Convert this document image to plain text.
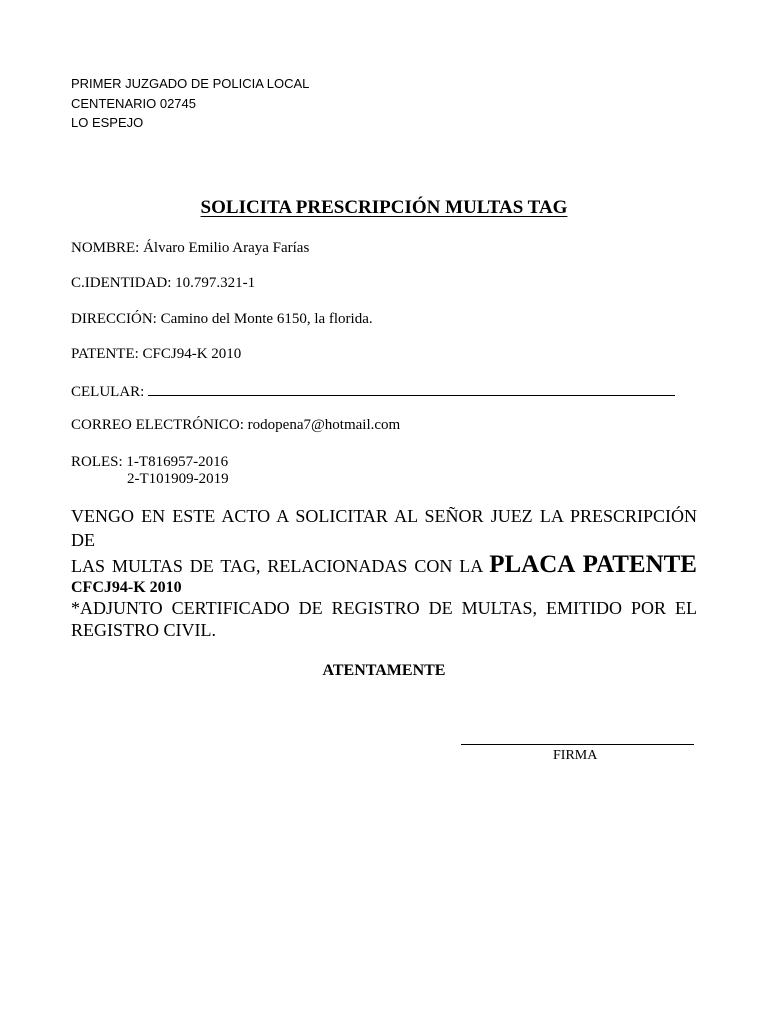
PRIMER JUZGADO DE POLICIA LOCAL
CENTENARIO 02745
LO ESPEJO
SOLICITA PRESCRIPCIÓN MULTAS TAG
NOMBRE: Álvaro Emilio Araya Farías
C.IDENTIDAD: 10.797.321-1
DIRECCIÓN: Camino del Monte 6150, la florida.
PATENTE: CFCJ94-K 2010
CELULAR:
CORREO ELECTRÓNICO: rodopena7@hotmail.com
ROLES: 1-T816957-2016
2-T101909-2019
VENGO EN ESTE ACTO A SOLICITAR AL SEÑOR JUEZ LA PRESCRIPCIÓN DE
LAS MULTAS DE TAG, RELACIONADAS CON LA PLACA PATENTE
CFCJ94-K 2010
*ADJUNTO CERTIFICADO DE REGISTRO DE MULTAS, EMITIDO POR EL
REGISTRO CIVIL.
ATENTAMENTE
FIRMA
